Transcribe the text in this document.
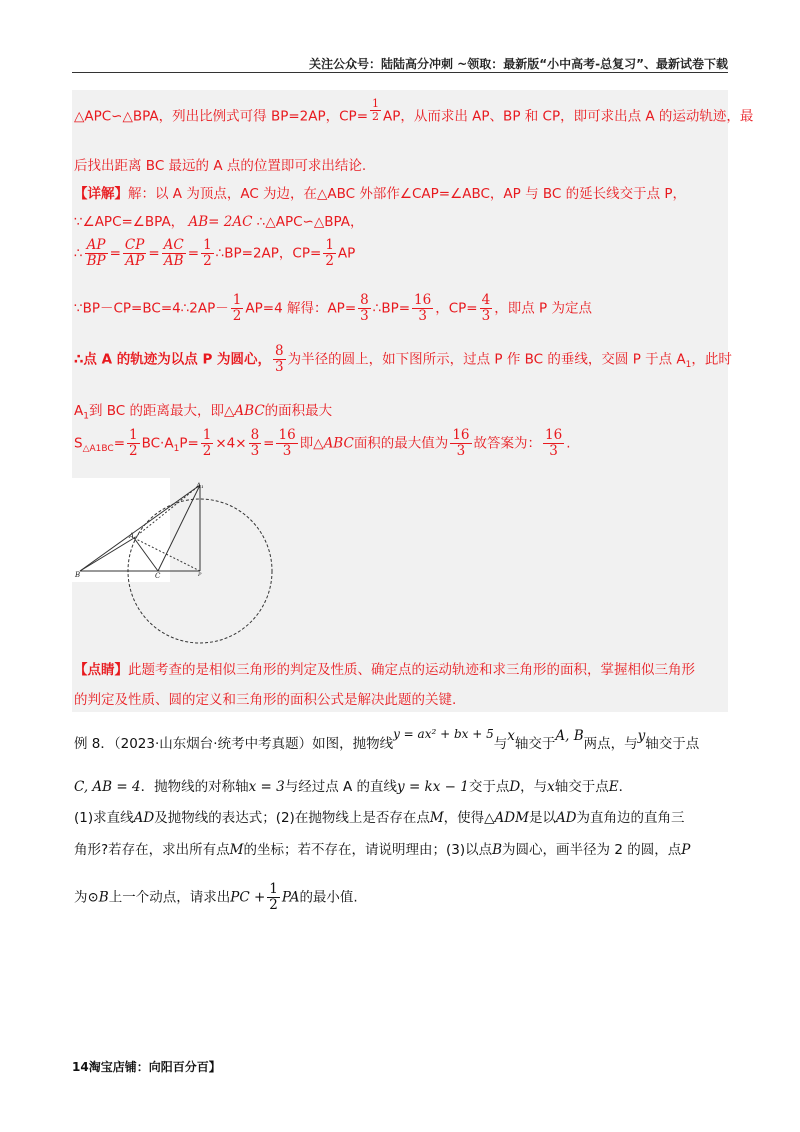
关注公众号：陆陆高分冲刺 ~领取：最新版“小中高考-总复习”、最新试卷下载
△APC∽△BPA，列出比例式可得 BP=2AP，$CP= \frac{1}{2}$ AP，从而求出 AP、BP 和 CP，即可求出点 A 的运动轨迹，最
后找出距离 BC 最远的 A 点的位置即可求出结论.
【详解】解：以 A 为顶点，AC 为边，在△ABC 外部作∠CAP=∠ABC，AP 与 BC 的延长线交于点 P，
∵∠APC=∠BPA， AB= 2AC ∴△APC∽△BPA，
∴ $\frac{AP}{BP} = \frac{CP}{AP} = \frac{AC}{AB} = \frac{1}{2}$ ∴BP=2AP，$CP= \frac{1}{2}$ AP
∵BP－CP=BC=4∴2AP－ $\frac{1}{2} AP=4$ 解得：$AP= \frac{8}{3}$ ∴BP= $\frac{16}{3}$ ，$CP= \frac{4}{3}$ ，即点 P 为定点
∴点 A 的轨迹为以点 P 为圆心， $\frac{8}{3}$ 为半径的圆上，如下图所示，过点 P 作 BC 的垂线，交圆 P 于点 $A_1$，此时
$A_1$到 BC 的距离最大，即△ABC的面积最大
$S_{\triangle A1BC}= \frac{1}{2} BC\cdot A_1P= \frac{1}{2} \times 4\times \frac{8}{3} = \frac{16}{3}$ 即△ABC面积的最大值为 $\frac{16}{3}$ 故答案为： $\frac{16}{3}$ .
A₁
A
B	C	P
【点睛】此题考查的是相似三角形的判定及性质、确定点的运动轨迹和求三角形的面积，掌握相似三角形
的判定及性质、圆的定义和三角形的面积公式是解决此题的关键.
例 8．（2023·山东烟台·统考中考真题）如图，抛物线y = ax² + bx + 5与x轴交于A, B两点，与y轴交于点
C, AB = 4．抛物线的对称轴x = 3与经过点 A 的直线y = kx − 1交于点D，与x轴交于点E．
(1)求直线AD及抛物线的表达式；(2)在抛物线上是否存在点M，使得△ADM是以AD为直角边的直角三
角形?若存在，求出所有点M的坐标；若不存在，请说明理由；(3)以点B为圆心，画半径为 2 的圆，点P
为⊙B上一个动点，请求出PC + $\frac{1}{2}$ PA的最小值.
14淘宝店铺：向阳百分百】
